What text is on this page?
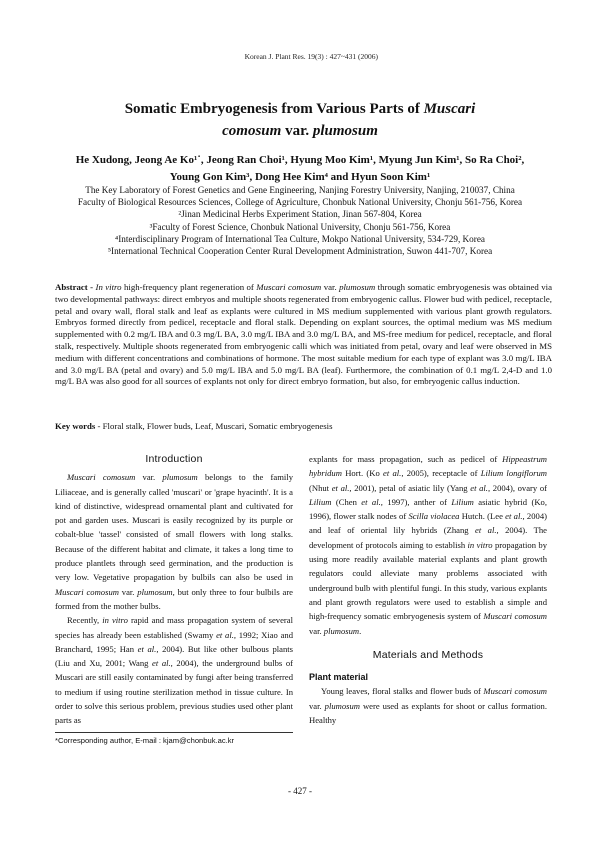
Korean J. Plant Res. 19(3) : 427~431 (2006)
Somatic Embryogenesis from Various Parts of Muscari
comosum var. plumosum
He Xudong, Jeong Ae Ko¹˙, Jeong Ran Choi¹, Hyung Moo Kim¹, Myung Jun Kim¹, So Ra Choi²,
Young Gon Kim³, Dong Hee Kim⁴ and Hyun Soon Kim¹
The Key Laboratory of Forest Genetics and Gene Engineering, Nanjing Forestry University, Nanjing, 210037, China
Faculty of Biological Resources Sciences, College of Agriculture, Chonbuk National University, Chonju 561-756, Korea
²Jinan Medicinal Herbs Experiment Station, Jinan 567-804, Korea
³Faculty of Forest Science, Chonbuk National University, Chonju 561-756, Korea
⁴Interdisciplinary Program of International Tea Culture, Mokpo National University, 534-729, Korea
⁵International Technical Cooperation Center Rural Development Administration, Suwon 441-707, Korea
Abstract - In vitro high-frequency plant regeneration of Muscari comosum var. plumosum through somatic embryogenesis was obtained via two developmental pathways: direct embryos and multiple shoots regenerated from embryogenic callus. Flower bud with pedicel, receptacle, petal and ovary wall, floral stalk and leaf as explants were cultured in MS medium supplemented with various plant growth regulators. Embryos formed directly from pedicel, receptacle and floral stalk. Depending on explant sources, the optimal medium was MS medium supplemented with 0.2 mg/L IBA and 0.3 mg/L BA, 3.0 mg/L IBA and 3.0 mg/L BA, and MS-free medium for pedicel, receptacle, and floral stalk, respectively. Multiple shoots regenerated from embryogenic calli which was initiated from petal, ovary and leaf were observed in MS medium with different concentrations and combinations of hormone. The most suitable medium for each type of explant was 3.0 mg/L IBA and 3.0 mg/L BA (petal and ovary) and 5.0 mg/L IBA and 5.0 mg/L BA (leaf). Furthermore, the combination of 0.1 mg/L 2,4-D and 1.0 mg/L BA was also good for all sources of explants not only for direct embryo formation, but also, for embryogenic callus induction.
Key words - Floral stalk, Flower buds, Leaf, Muscari, Somatic embryogenesis
Introduction

Muscari comosum var. plumosum belongs to the family Liliaceae, and is generally called 'muscari' or 'grape hyacinth'. It is a kind of distinctive, widespread ornamental plant and cultivated for pot and garden uses. Muscari is easily recognized by its purple or cobalt-blue 'tassel' consisted of small flowers with long stalks. Because of the different habitat and climate, it takes a long time to produce plantlets through seed germination, and the production is very low. Vegetative propagation by bulbils can also be used in Muscari comosum var. plumosum, but only three to four bulbils are formed from the mother bulbs.

Recently, in vitro rapid and mass propagation system of several species has already been established (Swamy et al., 1992; Xiao and Branchard, 1995; Han et al., 2004). But like other bulbous plants (Liu and Xu, 2001; Wang et al., 2004), the underground bulbs of Muscari are still easily contaminated by fungi after being transferred to medium if using routine sterilization method in tissue culture. In order to solve this serious problem, previous studies used other plant parts as

explants for mass propagation, such as pedicel of Hippeastrum hybridum Hort. (Ko et al., 2005), receptacle of Lilium longiflorum (Nhut et al., 2001), petal of asiatic lily (Yang et al., 2004), ovary of Lilium (Chen et al., 1997), anther of Lilium asiatic hybrid (Ko, 1996), flower stalk nodes of Scilla violacea Hutch. (Lee et al., 2004) and leaf of oriental lily hybrids (Zhang et al., 2004). The development of protocols aiming to establish in vitro propagation by using more readily available material explants and plant growth regulators could alleviate many problems associated with underground bulb with plentiful fungi. In this study, various explants and plant growth regulators were used to establish a simple and high-frequency somatic embryogenesis system of Muscari comosum var. plumosum.

Materials and Methods
Plant material

Young leaves, floral stalks and flower buds of Muscari comosum var. plumosum were used as explants for shoot or callus formation. Healthy

*Corresponding author, E-mail : kjam@chonbuk.ac.kr
- 427 -
